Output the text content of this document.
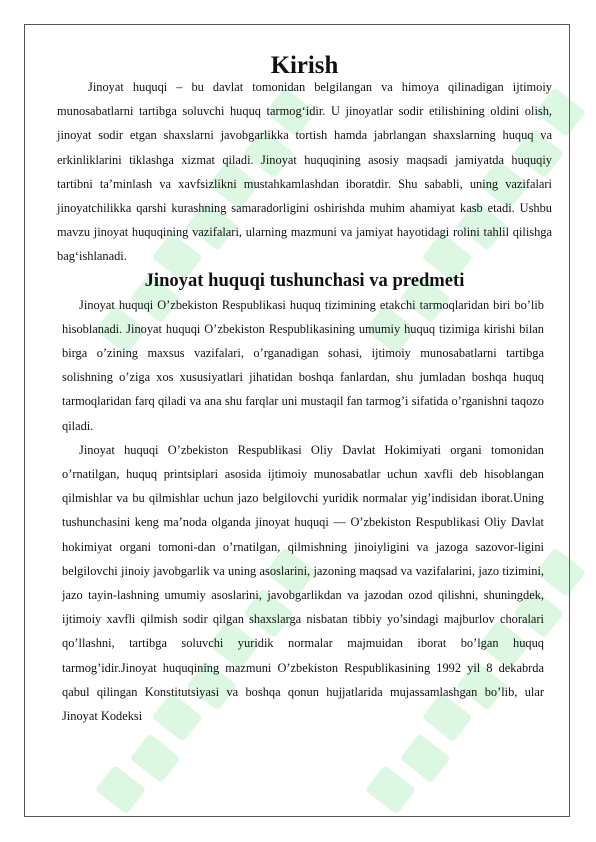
Kirish

Jinoyat huquqi – bu davlat tomonidan belgilangan va himoya qilinadigan ijtimoiy munosabatlarni tartibga soluvchi huquq tarmog‘idir. U jinoyatlar sodir etilishining oldini olish, jinoyat sodir etgan shaxslarni javobgarlikka tortish hamda jabrlangan shaxslarning huquq va erkinliklarini tiklashga xizmat qiladi. Jinoyat huquqining asosiy maqsadi jamiyatda huquqiy tartibni ta’minlash va xavfsizlikni mustahkamlashdan iboratdir. Shu sababli, uning vazifalari jinoyatchilikka qarshi kurashning samaradorligini oshirishda muhim ahamiyat kasb etadi. Ushbu mavzu jinoyat huquqining vazifalari, ularning mazmuni va jamiyat hayotidagi rolini tahlil qilishga bag‘ishlanadi.

Jinoyat huquqi tushunchasi va predmeti

Jinoyat huquqi O’zbekiston Respublikasi huquq tizimining etakchi tarmoqlaridan biri bo’lib hisoblanadi. Jinoyat huquqi O’zbekiston Respublikasining umumiy huquq tizimiga kirishi bilan birga o’zining maxsus vazifalari, o’rganadigan sohasi, ijtimoiy munosabatlarni tartibga solishning o’ziga xos xususiyatlari jihatidan boshqa fanlardan, shu jumladan boshqa huquq tarmoqlaridan farq qiladi va ana shu farqlar uni mustaqil fan tarmog’i sifatida o’rganishni taqozo qiladi.

Jinoyat huquqi O’zbekiston Respublikasi Oliy Davlat Hokimiyati organi tomonidan o’rnatilgan, huquq printsiplari asosida ijtimoiy munosabatlar uchun xavfli deb hisoblangan qilmishlar va bu qilmishlar uchun jazo belgilovchi yuridik normalar yig’indisidan iborat.Uning tushunchasini keng ma’noda olganda jinoyat huquqi — O’zbekiston Respublikasi Oliy Davlat hokimiyat organi tomoni-dan o’rnatilgan, qilmishning jinoiyligini va jazoga sazovor-ligini belgilovchi jinoiy javobgarlik va uning asoslarini, jazoning maqsad va vazifalarini, jazo tizimini, jazo tayin-lashning umumiy asoslarini, javobgarlikdan va jazodan ozod qilishni, shuningdek, ijtimoiy xavfli qilmish sodir qilgan shaxslarga nisbatan tibbiy yo’sindagi majburlov choralari qo’llashni, tartibga soluvchi yuridik normalar majmuidan iborat bo’lgan huquq tarmog’idir.Jinoyat huquqining mazmuni O’zbekiston Respublikasining 1992 yil 8 dekabrda qabul qilingan Konstitutsiyasi va boshqa qonun hujjatlarida mujassamlashgan bo’lib, ular Jinoyat Kodeksi
